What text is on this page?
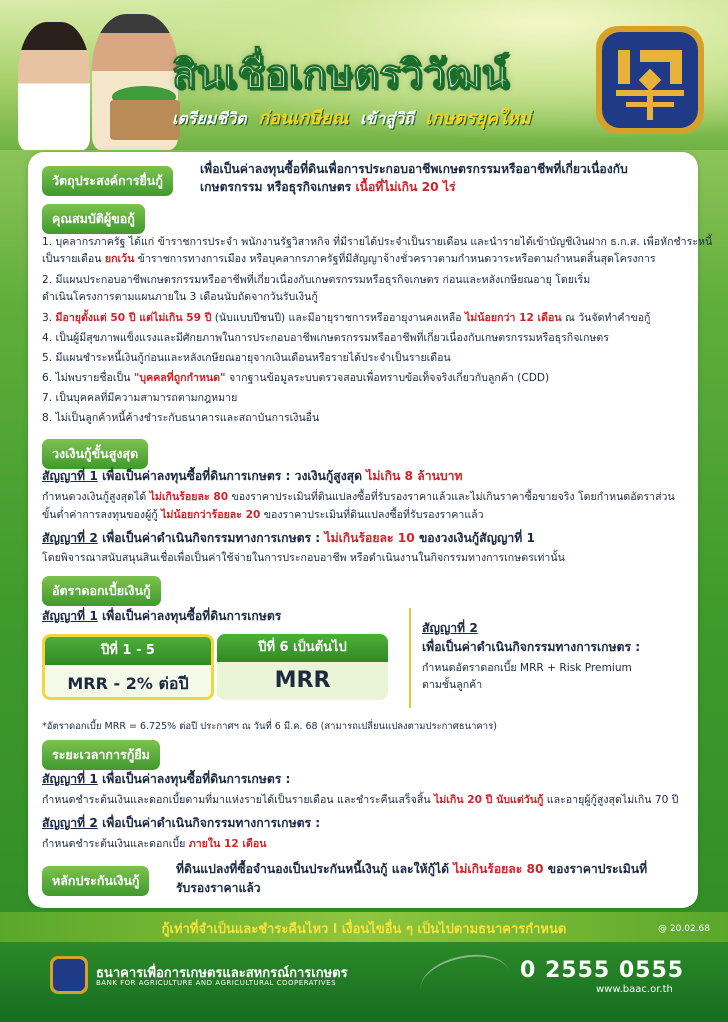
สินเชื่อเกษตรวิวัฒน์
เตรียมชีวิต ก่อนเกษียณ เข้าสู่วิถี เกษตรยุคใหม่
วัตถุประสงค์การยื่นกู้
เพื่อเป็นค่าลงทุนซื้อที่ดินเพื่อการประกอบอาชีพเกษตรกรรมหรืออาชีพที่เกี่ยวเนื่องกับ
เกษตรกรรม หรือธุรกิจเกษตร เนื้อที่ไม่เกิน 20 ไร่
คุณสมบัติผู้ขอกู้
1. บุคลากรภาครัฐ ได้แก่ ข้าราชการประจำ พนักงานรัฐวิสาหกิจ ที่มีรายได้ประจำเป็นรายเดือน และนำรายได้เข้าบัญชีเงินฝาก ธ.ก.ส. เพื่อหักชำระหนี้
เป็นรายเดือน ยกเว้น ข้าราชการทางการเมือง หรือบุคลากรภาครัฐที่มีสัญญาจ้างชั่วคราวตามกำหนดวาระหรือตามกำหนดสิ้นสุดโครงการ
2. มีแผนประกอบอาชีพเกษตรกรรมหรืออาชีพที่เกี่ยวเนื่องกับเกษตรกรรมหรือธุรกิจเกษตร ก่อนและหลังเกษียณอายุ โดยเริ่ม
ดำเนินโครงการตามแผนภายใน 3 เดือนนับถัดจากวันรับเงินกู้
3. มีอายุตั้งแต่ 50 ปี แต่ไม่เกิน 59 ปี (นับแบบปีชนปี) และมีอายุราชการหรืออายุงานคงเหลือ ไม่น้อยกว่า 12 เดือน ณ วันจัดทำคำขอกู้
4. เป็นผู้มีสุขภาพแข็งแรงและมีศักยภาพในการประกอบอาชีพเกษตรกรรมหรืออาชีพที่เกี่ยวเนื่องกับเกษตรกรรมหรือธุรกิจเกษตร
5. มีแผนชำระหนี้เงินกู้ก่อนและหลังเกษียณอายุจากเงินเดือนหรือรายได้ประจำเป็นรายเดือน
6. ไม่พบรายชื่อเป็น "บุคคลที่ถูกกำหนด" จากฐานข้อมูลระบบตรวจสอบเพื่อทราบข้อเท็จจริงเกี่ยวกับลูกค้า (CDD)
7. เป็นบุคคลที่มีความสามารถตามกฎหมาย
8. ไม่เป็นลูกค้าหนี้ค้างชำระกับธนาคารและสถาบันการเงินอื่น
วงเงินกู้ขั้นสูงสุด
สัญญาที่ 1 เพื่อเป็นค่าลงทุนซื้อที่ดินการเกษตร : วงเงินกู้สูงสุด ไม่เกิน 8 ล้านบาท
กำหนดวงเงินกู้สูงสุดได้ ไม่เกินร้อยละ 80 ของราคาประเมินที่ดินแปลงซื้อที่รับรองราคาแล้วและไม่เกินราคาซื้อขายจริง โดยกำหนดอัตราส่วน
ขั้นต่ำค่าการลงทุนของผู้กู้ ไม่น้อยกว่าร้อยละ 20 ของราคาประเมินที่ดินแปลงซื้อที่รับรองราคาแล้ว
สัญญาที่ 2 เพื่อเป็นค่าดำเนินกิจกรรมทางการเกษตร : ไม่เกินร้อยละ 10 ของวงเงินกู้สัญญาที่ 1
โดยพิจารณาสนับสนุนสินเชื่อเพื่อเป็นค่าใช้จ่ายในการประกอบอาชีพ หรือดำเนินงานในกิจกรรมทางการเกษตรเท่านั้น
อัตราดอกเบี้ยเงินกู้
สัญญาที่ 1 เพื่อเป็นค่าลงทุนซื้อที่ดินการเกษตร
ปีที่ 1 - 5
MRR - 2% ต่อปี
ปีที่ 6 เป็นต้นไป
MRR
สัญญาที่ 2
เพื่อเป็นค่าดำเนินกิจกรรมทางการเกษตร :
กำหนดอัตราดอกเบี้ย MRR + Risk Premium
ตามชั้นลูกค้า
*อัตราดอกเบี้ย MRR = 6.725% ต่อปี ประกาศฯ ณ วันที่ 6 มี.ค. 68 (สามารถเปลี่ยนแปลงตามประกาศธนาคาร)
ระยะเวลาการกู้ยืม
สัญญาที่ 1 เพื่อเป็นค่าลงทุนซื้อที่ดินการเกษตร :
กำหนดชำระต้นเงินและดอกเบี้ยตามที่มาแห่งรายได้เป็นรายเดือน และชำระคืนเสร็จสิ้น ไม่เกิน 20 ปี นับแต่วันกู้ และอายุผู้กู้สูงสุดไม่เกิน 70 ปี
สัญญาที่ 2 เพื่อเป็นค่าดำเนินกิจกรรมทางการเกษตร :
กำหนดชำระต้นเงินและดอกเบี้ย ภายใน 12 เดือน
หลักประกันเงินกู้
ที่ดินแปลงที่ซื้อจำนองเป็นประกันหนี้เงินกู้ และให้กู้ได้ ไม่เกินร้อยละ 80 ของราคาประเมินที่
รับรองราคาแล้ว
กู้เท่าที่จำเป็นและชำระคืนไหว l เงื่อนไขอื่น ๆ เป็นไปตามธนาคารกำหนด	@ 20.02.68
ธนาคารเพื่อการเกษตรและสหกรณ์การเกษตร
BANK FOR AGRICULTURE AND AGRICULTURAL COOPERATIVES	0 2555 0555
www.baac.or.th
